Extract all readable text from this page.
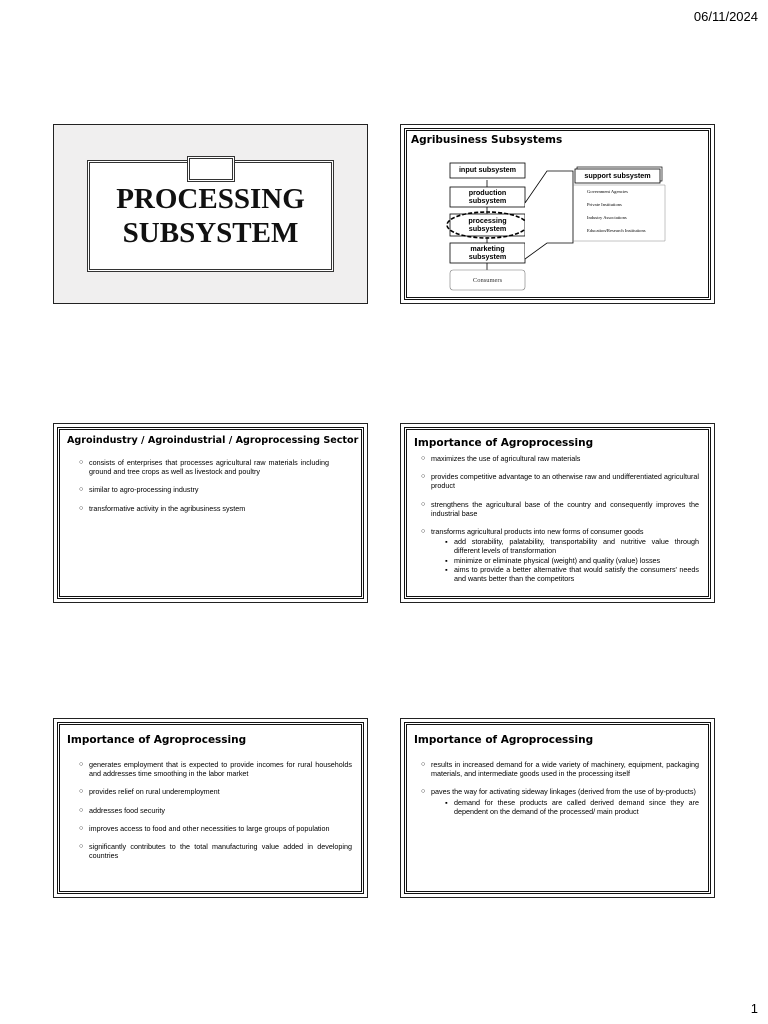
06/11/2024
PROCESSING
SUBSYSTEM
Agribusiness Subsystems
input subsystem
production
subsystem
processing
subsystem
marketing
subsystem
Consumers
support subsystem
Government Agencies
Private Institutions
Industry Associations
Education/Research Institutions
Agroindustry / Agroindustrial / Agroprocessing Sector
○ consists of enterprises that processes agricultural raw materials including ground and tree crops as well as livestock and poultry
○ similar to agro-processing industry
○ transformative activity in the agribusiness system
Importance of Agroprocessing
○ maximizes the use of agricultural raw materials
○ provides competitive advantage to an otherwise raw and undifferentiated agricultural product
○ strengthens the agricultural base of the country and consequently improves the industrial base
○ transforms agricultural products into new forms of consumer goods
▪ add storability, palatability, transportability and nutritive value through different levels of transformation
▪ minimize or eliminate physical (weight) and quality (value) losses
▪ aims to provide a better alternative that would satisfy the consumers' needs and wants better than the competitors
Importance of Agroprocessing
○ generates employment that is expected to provide incomes for rural households and addresses time smoothing in the labor market
○ provides relief on rural underemployment
○ addresses food security
○ improves access to food and other necessities to large groups of population
○ significantly contributes to the total manufacturing value added in developing countries
Importance of Agroprocessing
○ results in increased demand for a wide variety of machinery, equipment, packaging materials, and intermediate goods used in the processing itself
○ paves the way for activating sideway linkages (derived from the use of by-products)
▪ demand for these products are called derived demand since they are dependent on the demand of the processed/ main product
1
